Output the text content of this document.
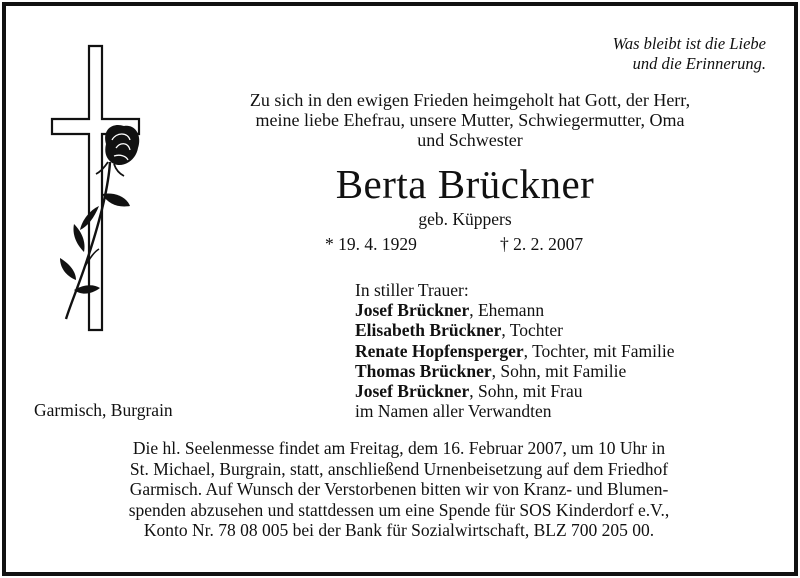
Was bleibt ist die Liebe
und die Erinnerung.
Zu sich in den ewigen Frieden heimgeholt hat Gott, der Herr,
meine liebe Ehefrau, unsere Mutter, Schwiegermutter, Oma
und Schwester
Berta Brückner
geb. Küppers
* 19. 4. 1929	† 2. 2. 2007
In stiller Trauer:
Josef Brückner, Ehemann
Elisabeth Brückner, Tochter
Renate Hopfensperger, Tochter, mit Familie
Thomas Brückner, Sohn, mit Familie
Josef Brückner, Sohn, mit Frau
im Namen aller Verwandten
Garmisch, Burgrain
Die hl. Seelenmesse findet am Freitag, dem 16. Februar 2007, um 10 Uhr in
St. Michael, Burgrain, statt, anschließend Urnenbeisetzung auf dem Friedhof
Garmisch. Auf Wunsch der Verstorbenen bitten wir von Kranz- und Blumen-
spenden abzusehen und stattdessen um eine Spende für SOS Kinderdorf e.V.,
Konto Nr. 78 08 005 bei der Bank für Sozialwirtschaft, BLZ 700 205 00.
